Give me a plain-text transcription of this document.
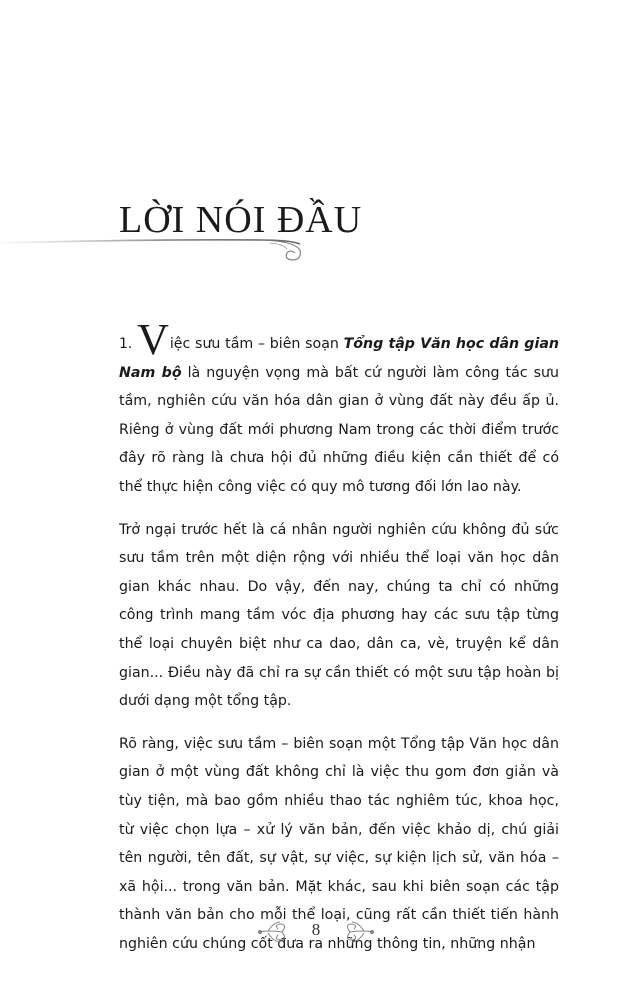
LỜI NÓI ĐẦU

1. Việc sưu tầm – biên soạn Tổng tập Văn học dân gian Nam bộ là nguyện vọng mà bất cứ người làm công tác sưu tầm, nghiên cứu văn hóa dân gian ở vùng đất này đều ấp ủ. Riêng ở vùng đất mới phương Nam trong các thời điểm trước đây rõ ràng là chưa hội đủ những điều kiện cần thiết để có thể thực hiện công việc có quy mô tương đối lớn lao này.

Trở ngại trước hết là cá nhân người nghiên cứu không đủ sức sưu tầm trên một diện rộng với nhiều thể loại văn học dân gian khác nhau. Do vậy, đến nay, chúng ta chỉ có những công trình mang tầm vóc địa phương hay các sưu tập từng thể loại chuyên biệt như ca dao, dân ca, vè, truyện kể dân gian... Điều này đã chỉ ra sự cần thiết có một sưu tập hoàn bị dưới dạng một tổng tập.

Rõ ràng, việc sưu tầm – biên soạn một Tổng tập Văn học dân gian ở một vùng đất không chỉ là việc thu gom đơn giản và tùy tiện, mà bao gồm nhiều thao tác nghiêm túc, khoa học, từ việc chọn lựa – xử lý văn bản, đến việc khảo dị, chú giải tên người, tên đất, sự vật, sự việc, sự kiện lịch sử, văn hóa – xã hội... trong văn bản. Mặt khác, sau khi biên soạn các tập thành văn bản cho mỗi thể loại, cũng rất cần thiết tiến hành nghiên cứu chúng cốt đưa ra những thông tin, những nhận

8
